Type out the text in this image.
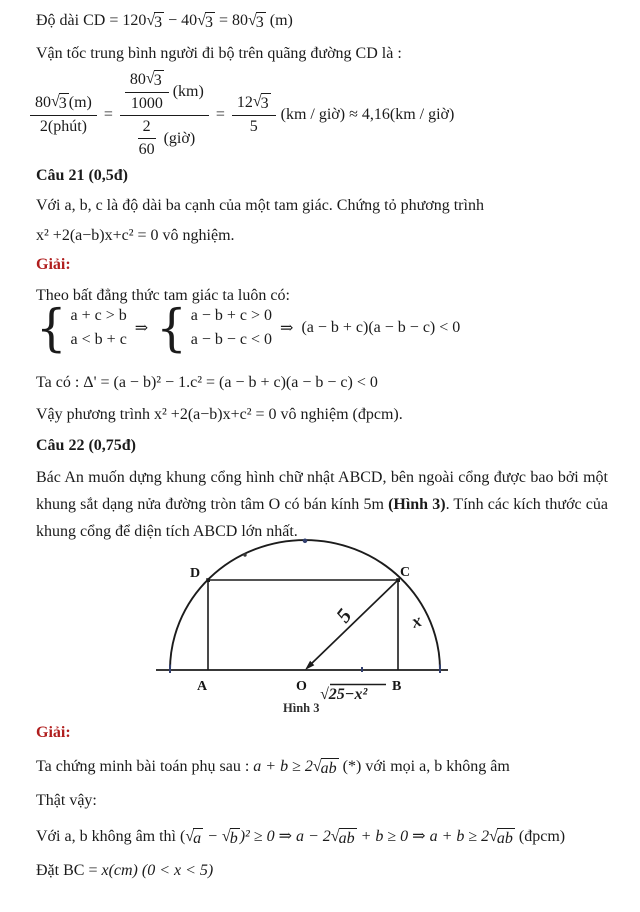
Độ dài CD = 120√ 3 − 40√ 3 = 80√ 3 (m)
Vận tốc trung bình người đi bộ trên quãng đường CD là :
$\frac{80 √ 3 (m)}{\text{2(phút)}} = \frac{\frac{80 √ 3}{1000} (km)}{\frac{2}{60} (giờ)} = \frac{12 √ 3}{5} (km$ / giờ) ≈ 4,16(km / giờ)
Câu 21 (0,5đ)
Với a, b, c là độ dài ba cạnh của một tam giác. Chứng tỏ phương trình
x² +2(a−b)x+c² = 0 vô nghiệm.
Giải:
Theo bất đẳng thức tam giác ta luôn có:
{ a + c > b
a < b + c
⇒ { a − b + c > 0
a − b − c < 0
⇒ (a − b + c)(a − b − c) < 0
Ta có : Δ' = (a − b)² − 1.c² = (a − b + c)(a − b − c) < 0
Vậy phương trình x² +2(a−b)x+c² = 0 vô nghiệm (đpcm).
Câu 22 (0,75đ)
Bác An muốn dựng khung cổng hình chữ nhật ABCD, bên ngoài cổng được bao bởi một khung sắt dạng nửa đường tròn tâm O có bán kính 5m (Hình 3). Tính các kích thước của khung cổng để diện tích ABCD lớn nhất.
D	C
A	O	B
5	x
√25−x²
Hình 3
Giải:
Ta chứng minh bài toán phụ sau : a + b ≥ 2√ ab (*) với mọi a, b không âm
Thật vậy:
Với a, b không âm thì (√ a − √ b )² ≥ 0 ⇒ a − 2√ ab + b ≥ 0 ⇒ a + b ≥ 2√ ab (đpcm)
Đặt BC = x(cm) (0 < x < 5)
